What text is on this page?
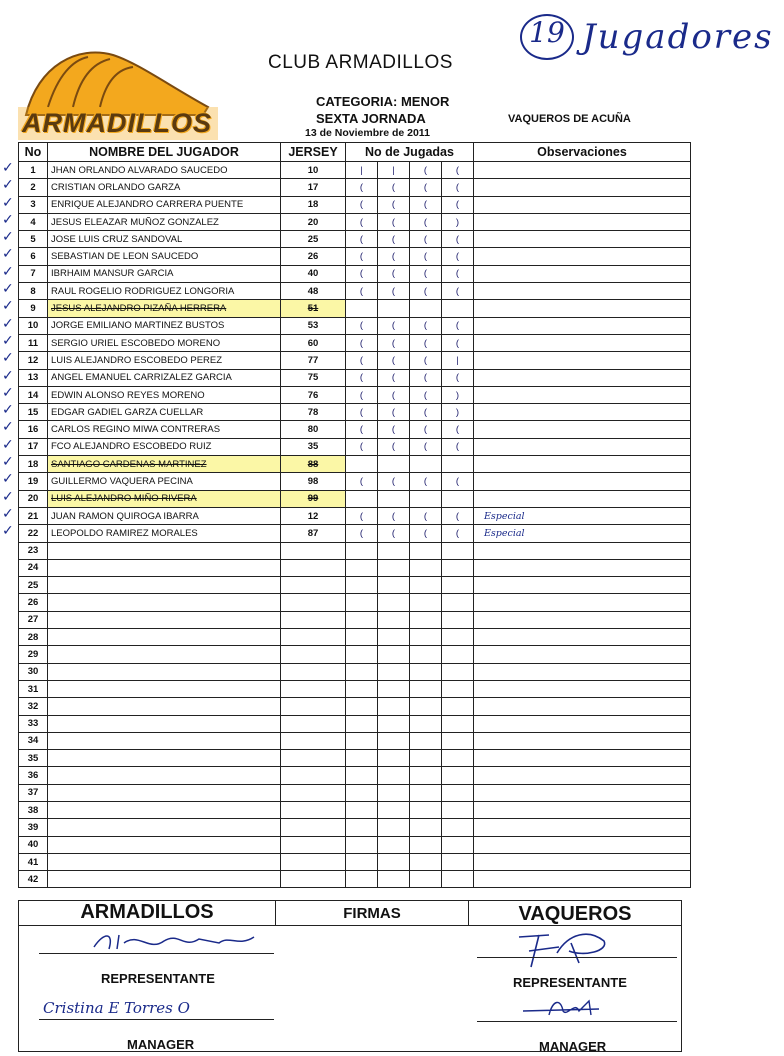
ARMADILLOS
CLUB ARMADILLOS
CATEGORIA: MENOR
SEXTA JORNADA
13 de Noviembre de 2011
VAQUEROS DE ACUÑA
19 Jugadores
No	NOMBRE DEL JUGADOR	JERSEY	No de Jugadas				Observaciones
1	JHAN ORLANDO ALVARADO SAUCEDO	10	|	|	(	(	
2	CRISTIAN ORLANDO GARZA	17	(	(	(	(	
3	ENRIQUE ALEJANDRO CARRERA PUENTE	18	(	(	(	(	
4	JESUS ELEAZAR MUÑOZ GONZALEZ	20	(	(	(	)	
5	JOSE LUIS CRUZ SANDOVAL	25	(	(	(	(	
6	SEBASTIAN DE LEON SAUCEDO	26	(	(	(	(	
7	IBRHAIM MANSUR GARCIA	40	(	(	(	(	
8	RAUL ROGELIO RODRIGUEZ LONGORIA	48	(	(	(	(	
9	JESUS ALEJANDRO PIZAÑA HERRERA	51					
10	JORGE EMILIANO MARTINEZ BUSTOS	53	(	(	(	(	
11	SERGIO URIEL ESCOBEDO MORENO	60	(	(	(	(	
12	LUIS ALEJANDRO ESCOBEDO PEREZ	77	(	(	(	|	
13	ANGEL EMANUEL CARRIZALEZ GARCIA	75	(	(	(	(	
14	EDWIN ALONSO REYES MORENO	76	(	(	(	)	
15	EDGAR GADIEL GARZA CUELLAR	78	(	(	(	)	
16	CARLOS REGINO MIWA CONTRERAS	80	(	(	(	(	
17	FCO ALEJANDRO ESCOBEDO RUIZ	35	(	(	(	(	
18	SANTIAGO CARDENAS MARTINEZ	88					
19	GUILLERMO VAQUERA PECINA	98	(	(	(	(	
20	LUIS ALEJANDRO MIÑO RIVERA	99					
21	JUAN RAMON QUIROGA IBARRA	12	(	(	(	(	Especial
22	LEOPOLDO RAMIREZ MORALES	87	(	(	(	(	Especial
23							
24							
25							
26							
27							
28							
29							
30							
31							
32							
33							
34							
35							
36							
37							
38							
39							
40							
41							
42							
ARMADILLOS	FIRMAS	VAQUEROS
REPRESENTANTE
Cristina E Torres O
MANAGER
REPRESENTANTE
MANAGER
✓
✓
✓
✓
✓
✓
✓
✓
✓
✓
✓
✓
✓
✓
✓
✓
✓
✓
✓
✓
✓
✓
